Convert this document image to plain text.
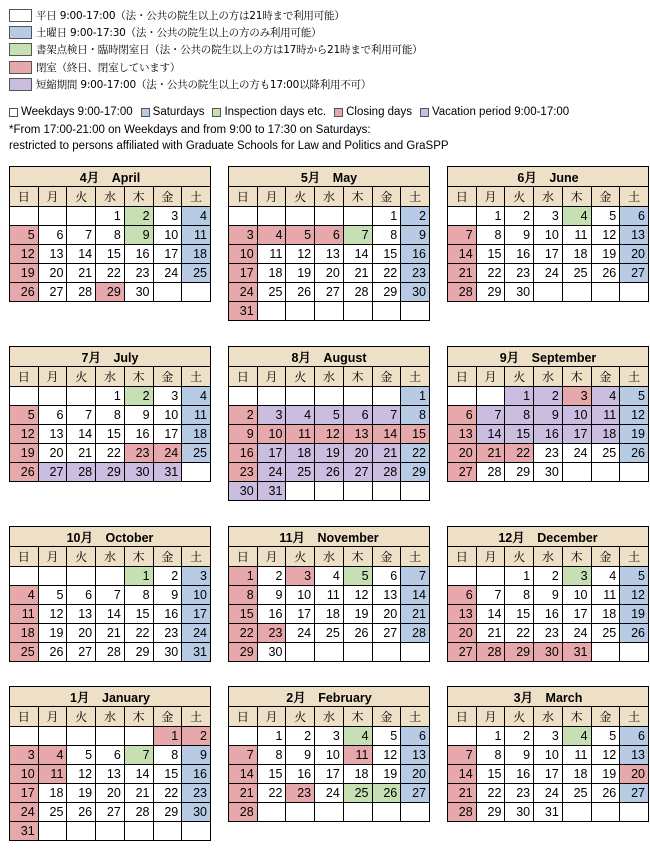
平日 9:00-17:00（法・公共の院生以上の方は21時まで利用可能）
土曜日 9:00-17:30（法・公共の院生以上の方のみ利用可能）
書架点検日・臨時閉室日（法・公共の院生以上の方は17時から21時まで利用可能）
閉室（終日、閉室しています）
短縮期間 9:00-17:00（法・公共の院生以上の方も17:00以降利用不可）
Weekdays 9:00-17:00 Saturdays Inspection days etc. Closing days Vacation period 9:00-17:00
*From 17:00-21:00 on Weekdays and from 9:00 to 17:30 on Saturdays:
restricted to persons affiliated with Graduate Schools for Law and Politics and GraSPP
4月　April						
日	月	火	水	木	金	土
			1	2	3	4
5	6	7	8	9	10	11
12	13	14	15	16	17	18
19	20	21	22	23	24	25
26	27	28	29	30		
5月　May						
日	月	火	水	木	金	土
					1	2
3	4	5	6	7	8	9
10	11	12	13	14	15	16
17	18	19	20	21	22	23
24	25	26	27	28	29	30
31						
6月　June						
日	月	火	水	木	金	土
	1	2	3	4	5	6
7	8	9	10	11	12	13
14	15	16	17	18	19	20
21	22	23	24	25	26	27
28	29	30				
7月　July						
日	月	火	水	木	金	土
			1	2	3	4
5	6	7	8	9	10	11
12	13	14	15	16	17	18
19	20	21	22	23	24	25
26	27	28	29	30	31	
8月　August						
日	月	火	水	木	金	土
						1
2	3	4	5	6	7	8
9	10	11	12	13	14	15
16	17	18	19	20	21	22
23	24	25	26	27	28	29
30	31					
9月　September						
日	月	火	水	木	金	土
		1	2	3	4	5
6	7	8	9	10	11	12
13	14	15	16	17	18	19
20	21	22	23	24	25	26
27	28	29	30			
10月　October						
日	月	火	水	木	金	土
				1	2	3
4	5	6	7	8	9	10
11	12	13	14	15	16	17
18	19	20	21	22	23	24
25	26	27	28	29	30	31
11月　November						
日	月	火	水	木	金	土
1	2	3	4	5	6	7
8	9	10	11	12	13	14
15	16	17	18	19	20	21
22	23	24	25	26	27	28
29	30					
12月　December						
日	月	火	水	木	金	土
		1	2	3	4	5
6	7	8	9	10	11	12
13	14	15	16	17	18	19
20	21	22	23	24	25	26
27	28	29	30	31		
1月　January						
日	月	火	水	木	金	土
					1	2
3	4	5	6	7	8	9
10	11	12	13	14	15	16
17	18	19	20	21	22	23
24	25	26	27	28	29	30
31						
2月　February						
日	月	火	水	木	金	土
	1	2	3	4	5	6
7	8	9	10	11	12	13
14	15	16	17	18	19	20
21	22	23	24	25	26	27
28						
3月　March						
日	月	火	水	木	金	土
	1	2	3	4	5	6
7	8	9	10	11	12	13
14	15	16	17	18	19	20
21	22	23	24	25	26	27
28	29	30	31			
